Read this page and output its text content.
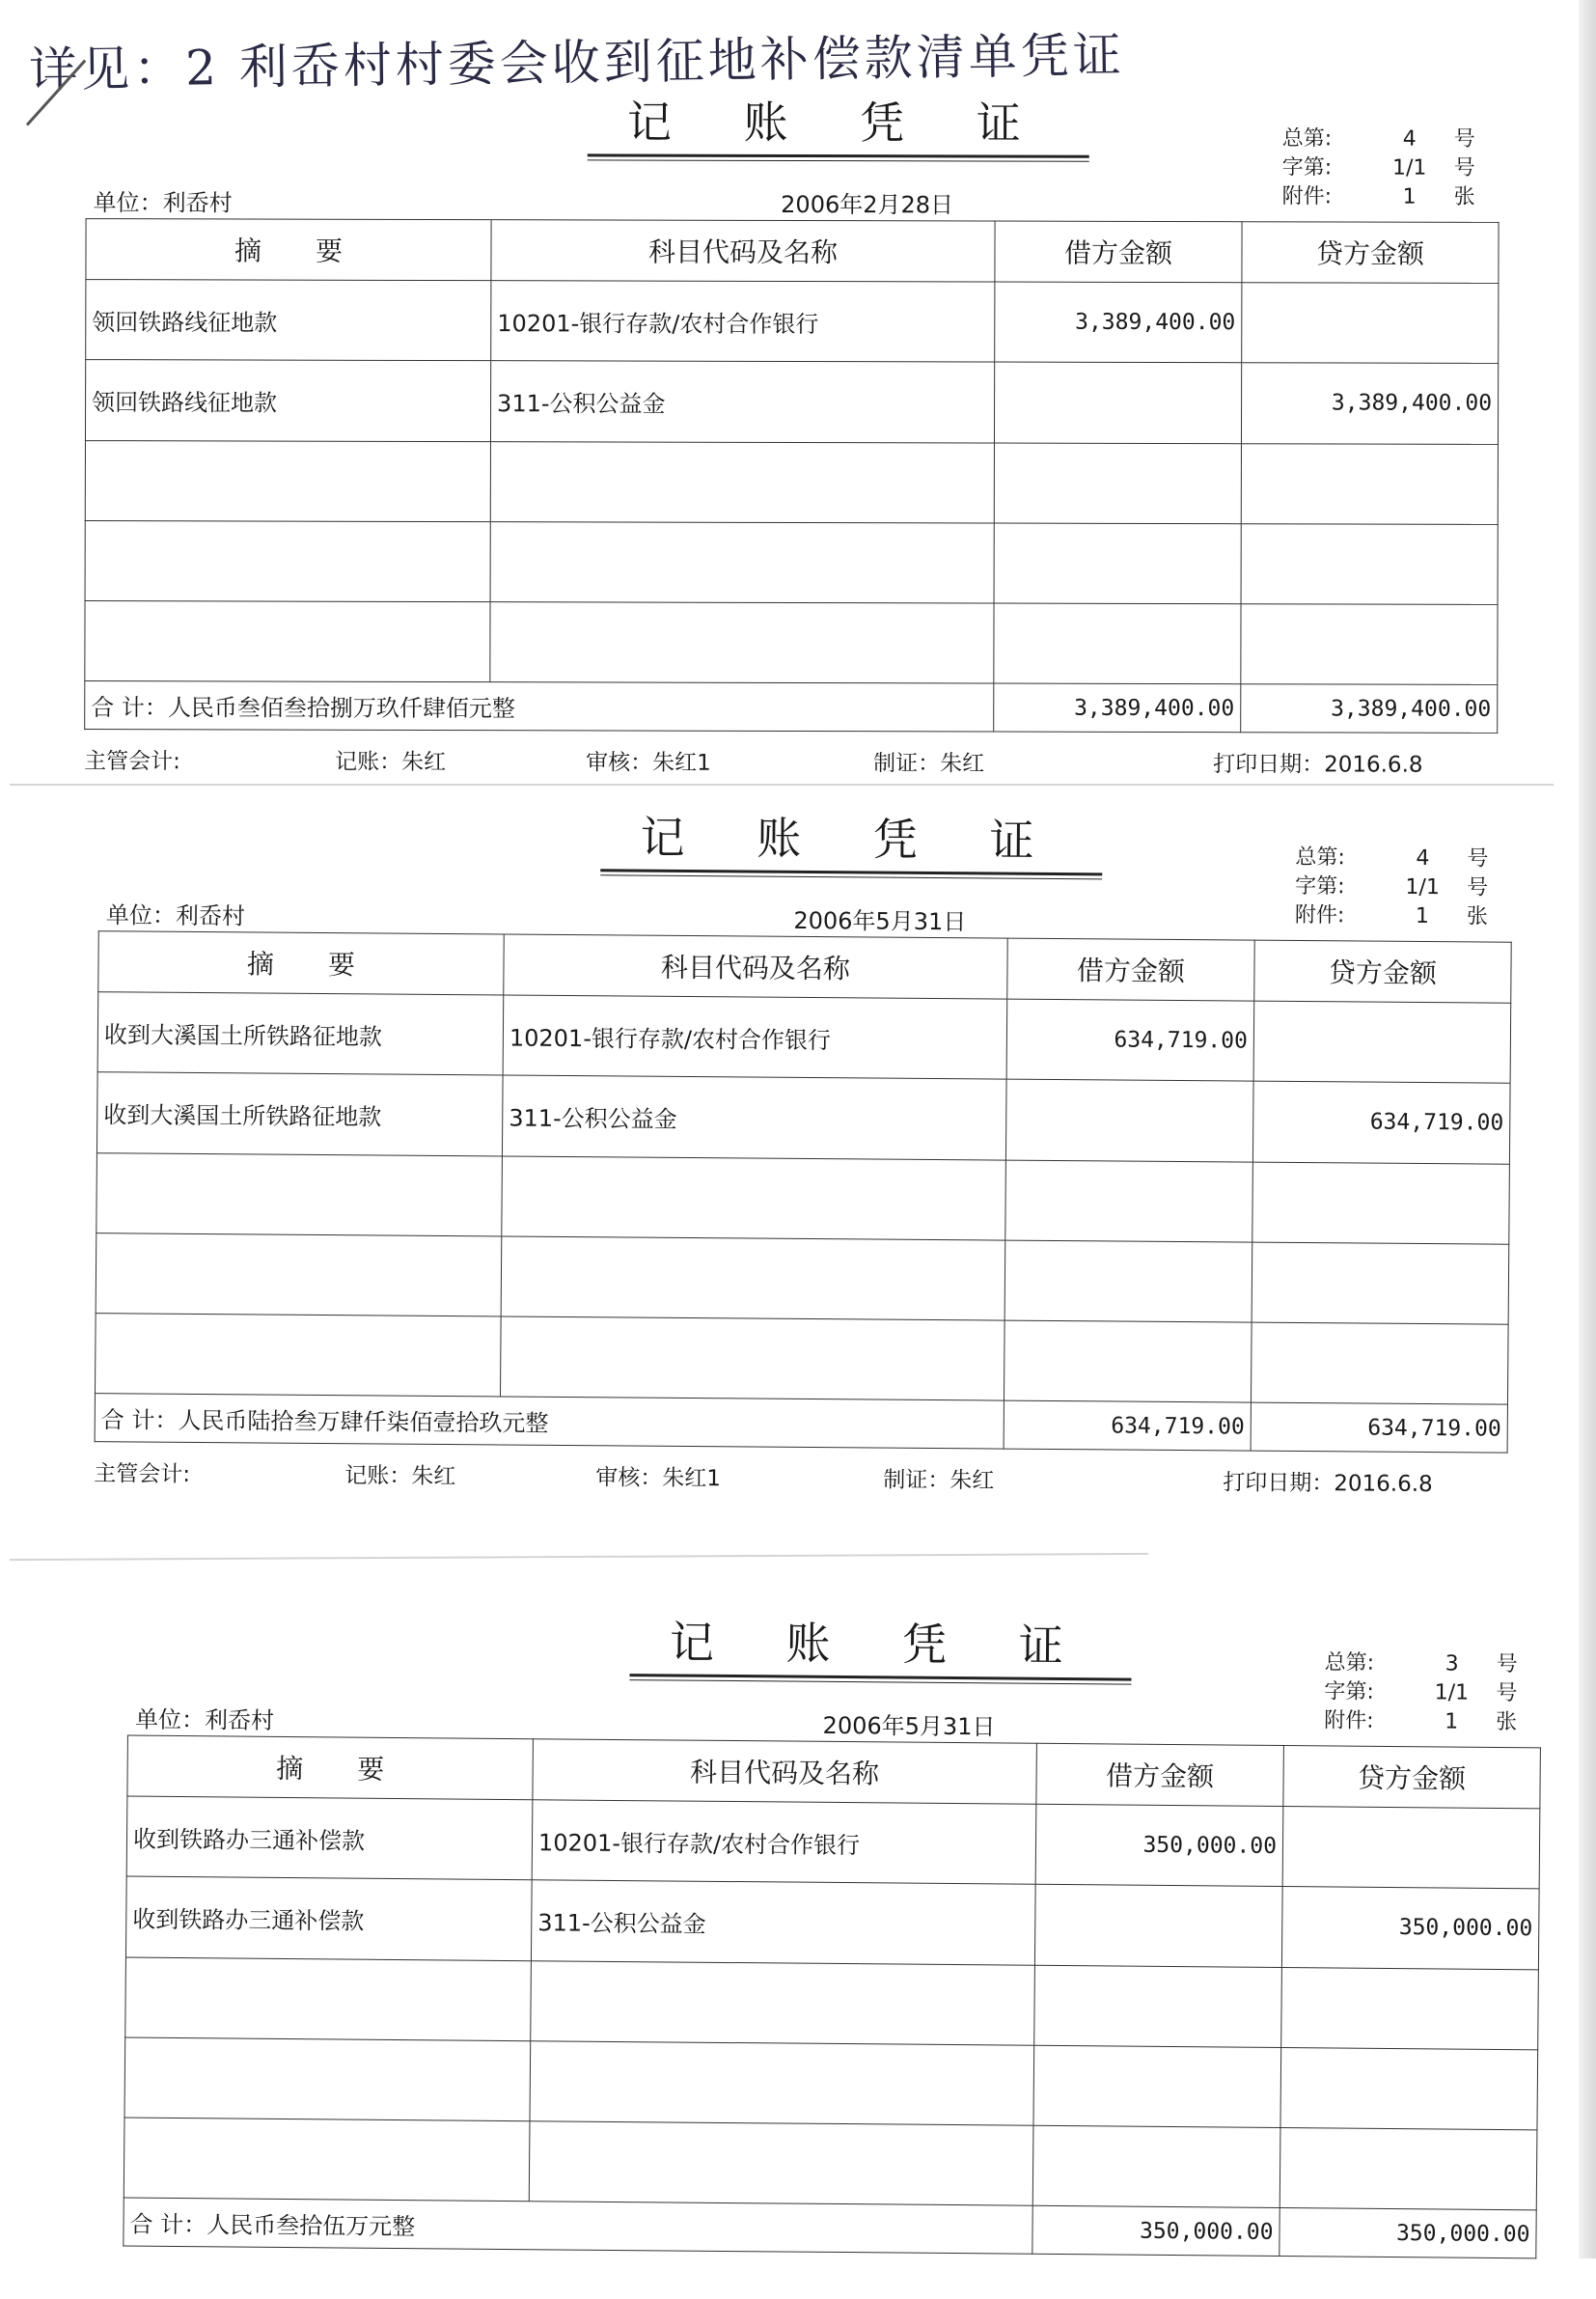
详见：2 利岙村村委会收到征地补偿款清单凭证
记 账 凭 证	总第:	4	号
字第:	1/1	号
附件:	1	张
单位：利岙村	2006年2月28日
摘　　要	科目代码及名称	借方金额	贷方金额
领回铁路线征地款	10201-银行存款/农村合作银行	3,389,400.00	
领回铁路线征地款	311-公积公益金		3,389,400.00

合 计：人民币叁佰叁拾捌万玖仟肆佰元整		3,389,400.00	3,389,400.00
主管会计:	记账：朱红	审核：朱红1	制证：朱红	打印日期：2016.6.8
记 账 凭 证	总第:	4	号
字第:	1/1	号
附件:	1	张
单位：利岙村	2006年5月31日
摘　　要	科目代码及名称	借方金额	贷方金额
收到大溪国土所铁路征地款	10201-银行存款/农村合作银行	634,719.00	
收到大溪国土所铁路征地款	311-公积公益金		634,719.00

合 计：人民币陆拾叁万肆仟柒佰壹拾玖元整		634,719.00	634,719.00
主管会计:	记账：朱红	审核：朱红1	制证：朱红	打印日期：2016.6.8
记 账 凭 证	总第:	3	号
字第:	1/1	号
附件:	1	张
单位：利岙村	2006年5月31日
摘　　要	科目代码及名称	借方金额	贷方金额
收到铁路办三通补偿款	10201-银行存款/农村合作银行	350,000.00	
收到铁路办三通补偿款	311-公积公益金		350,000.00

合 计：人民币叁拾伍万元整		350,000.00	350,000.00
